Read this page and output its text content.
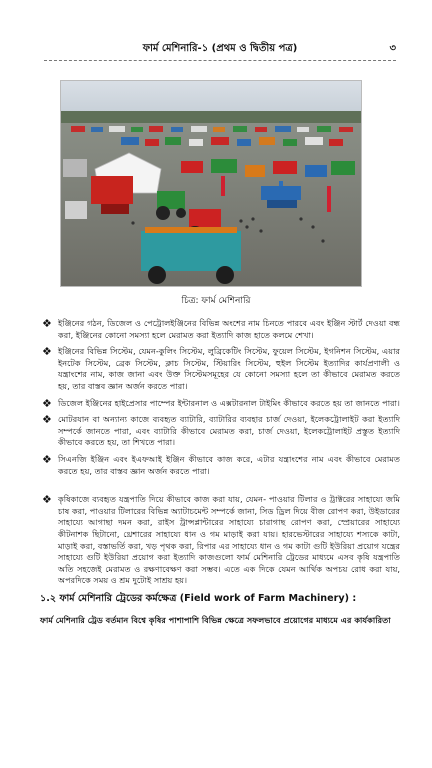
ফার্ম মেশিনারি-১ (প্রথম ও দ্বিতীয় পত্র)	৩
চিত্র: ফার্ম মেশিনারি
❖ ইঞ্জিনের গঠন, ডিজেল ও পেট্রোলইঞ্জিনের বিভিন্ন অংশের নাম চিনতে পারবে এবং ইঞ্জিন স্টার্ট দেওয়া বন্ধ করা, ইঞ্জিনের কোনো সমস্যা হলে মেরামত করা ইত্যাদি কাজ হাতে কলমে শেখা।
❖ ইঞ্জিনের বিভিন্ন সিস্টেম, যেমন-কুলিং সিস্টেম, লুব্রিকেটিং সিস্টেম, ফুয়েল সিস্টেম, ইগনিশন সিস্টেম, এয়ার ইনটেক সিস্টেম, ব্রেক সিস্টেম, ক্লাচ সিস্টেম, স্টিয়ারিং সিস্টেম, হুইল সিস্টেম ইত্যাদির কার্যপ্রণালী ও যন্ত্রাংশের নাম, কাজ জানা এবং উক্ত সিস্টেমসমূহের যে কোনো সমস্যা হলে তা কীভাবে মেরামত করতে হয়, তার বাস্তব জ্ঞান অর্জন করতে পারা।
❖ ডিজেল ইঞ্জিনের হাইপ্রেসার পাম্পের ইন্টারনাল ও এক্সটারনাল টাইমিং কীভাবে করতে হয় তা জানতে পারা।
❖ মোটরযান বা অন্যান্য কাজে ব্যবহৃত ব্যাটারি, ব্যাটারির ব্যবহার চার্জ দেওয়া, ইলেকট্রোলাইট করা ইত্যাদি সম্পর্কে জানতে পারা, এবং ব্যাটারি কীভাবে মেরামত করা, চার্জ দেওয়া, ইলেকট্রোলাইট প্রস্তুত ইত্যাদি কীভাবে করতে হয়, তা শিখতে পারা।
❖ সিএনজি ইঞ্জিন এবং ইএফআই ইঞ্জিন কীভাবে কাজ করে, এটার যন্ত্রাংশের নাম এবং কীভাবে মেরামত করতে হয়, তার বাস্তব জ্ঞান অর্জন করতে পারা।
❖ কৃষিকাজে ব্যবহৃত যন্ত্রপাতি দিয়ে কীভাবে কাজ করা যায়, যেমন- পাওয়ার টিলার ও ট্রাক্টরের সাহায্যে জমি চাষ করা, পাওয়ার টিলারের বিভিন্ন অ্যাটাচমেন্ট সম্পর্কে জানা, সিড ড্রিল দিয়ে বীজ রোপণ করা, উইডারের সাহায্যে আগাছা দমন করা, রাইস ট্রান্সপ্লান্টারের সাহায্যে চারাগাছ রোপণ করা, স্প্রেয়ারের সাহায্যে কীটনাশক ছিটানো, থ্রেশারের সাহায্যে ধান ও গম মাড়াই করা যায়। হারভেস্টারের সাহায্যে শস্যকে কাটা, মাড়াই করা, বস্তাভর্তি করা, খড় পৃথক করা, রিপার এর সাহায্যে ধান ও গম কাটা গুটি ইউরিয়া প্রয়োগ যন্ত্রের সাহায্যে গুটি ইউরিয়া প্রয়োগ করা ইত্যাদি কাজগুলো ফার্ম মেশিনারি ট্রেডের মাধ্যমে এসব কৃষি যন্ত্রপাতি অতি সহজেই মেরামত ও রক্ষণাবেক্ষণ করা সম্ভব। এতে এক দিকে যেমন আর্থিক অপচয় রোধ করা যায়, অপরদিকে সময় ও শ্রম দুটোই সাশ্রয় হয়।
১.২ ফার্ম মেশিনারি ট্রেডের কর্মক্ষেত্র (Field work of Farm Machinery) :
ফার্ম মেশিনারি ট্রেড বর্তমান বিশ্বে কৃষির পাশাপাশি বিভিন্ন ক্ষেত্রে সফলভাবে প্রয়োগের মাধ্যমে এর কার্যকারিতা
